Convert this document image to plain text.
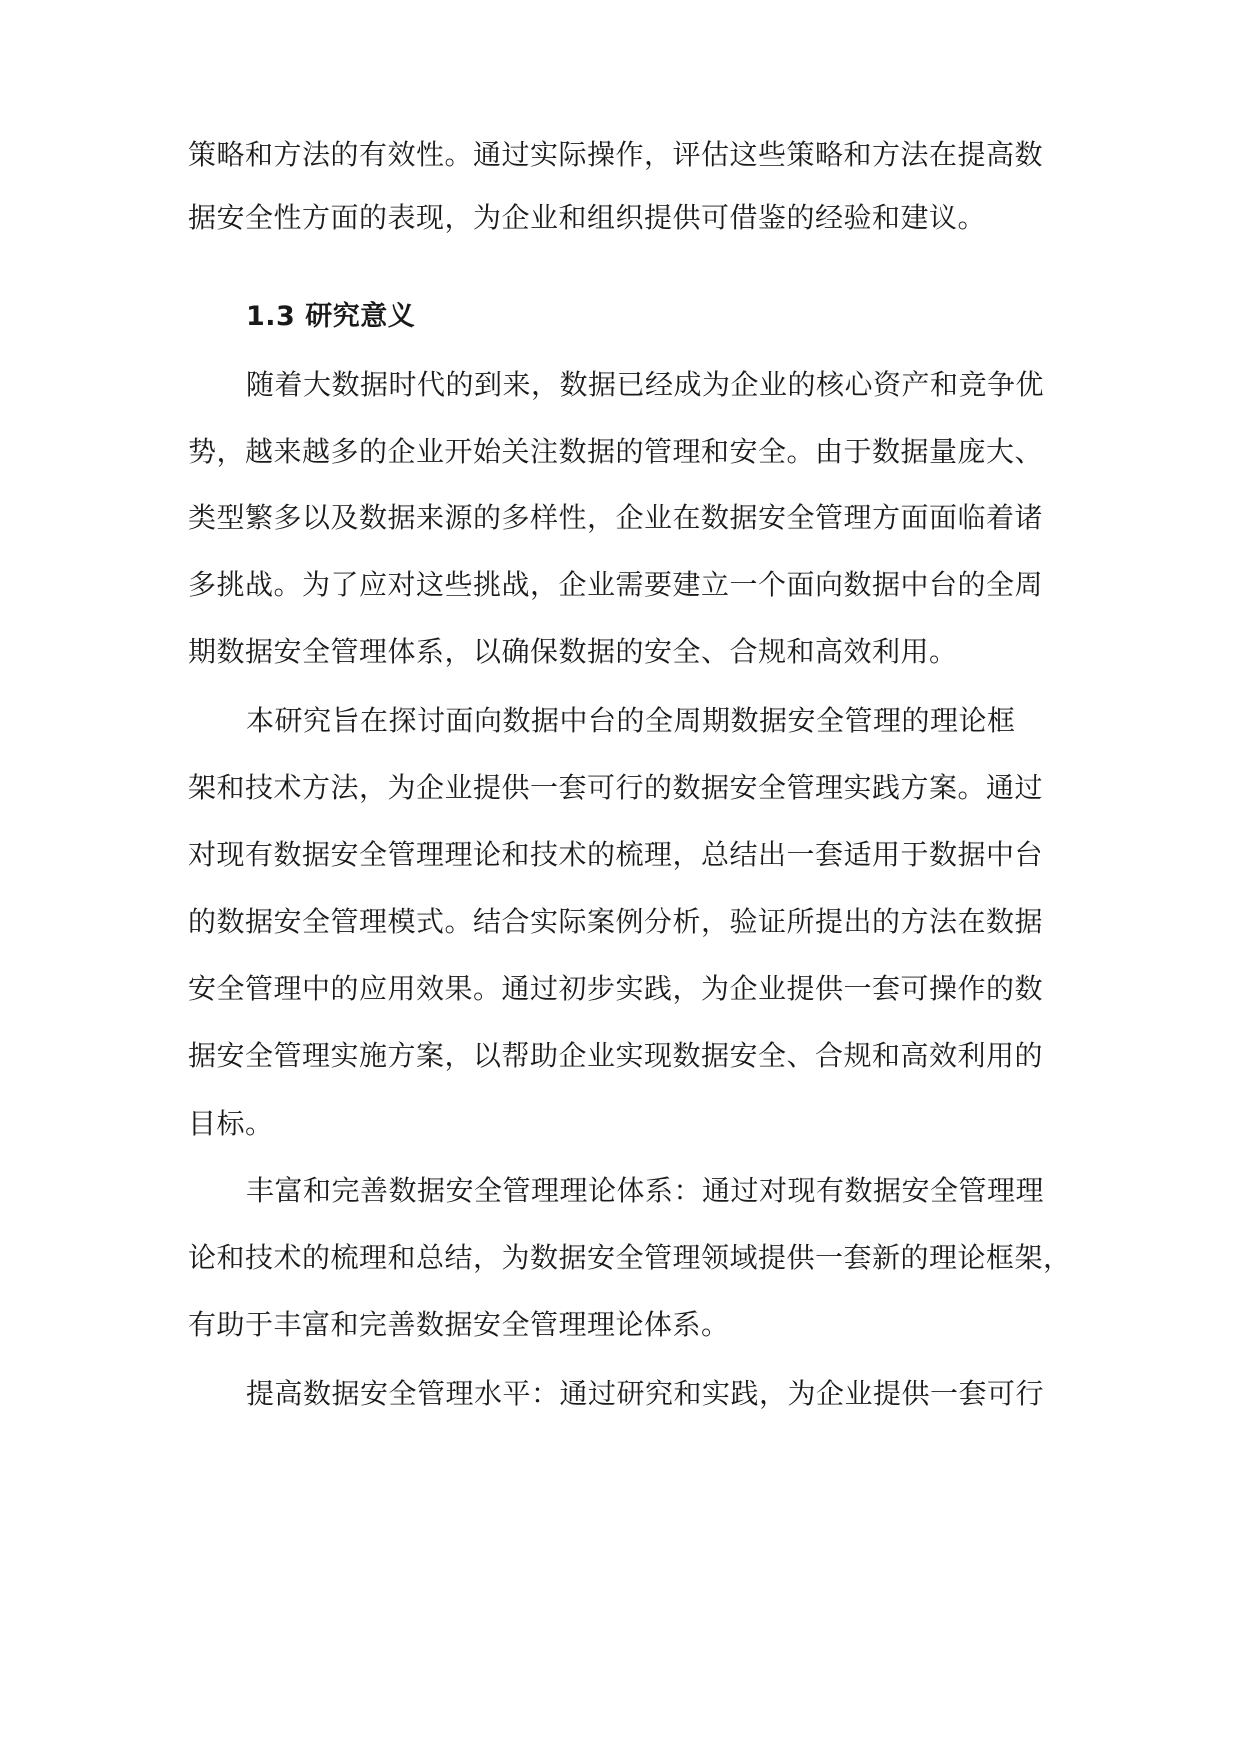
策略和方法的有效性。通过实际操作，评估这些策略和方法在提高数
据安全性方面的表现，为企业和组织提供可借鉴的经验和建议。
1.3 研究意义
随着大数据时代的到来，数据已经成为企业的核心资产和竞争优
势，越来越多的企业开始关注数据的管理和安全。由于数据量庞大、
类型繁多以及数据来源的多样性，企业在数据安全管理方面面临着诸
多挑战。为了应对这些挑战，企业需要建立一个面向数据中台的全周
期数据安全管理体系，以确保数据的安全、合规和高效利用。
本研究旨在探讨面向数据中台的全周期数据安全管理的理论框
架和技术方法，为企业提供一套可行的数据安全管理实践方案。通过
对现有数据安全管理理论和技术的梳理，总结出一套适用于数据中台
的数据安全管理模式。结合实际案例分析，验证所提出的方法在数据
安全管理中的应用效果。通过初步实践，为企业提供一套可操作的数
据安全管理实施方案，以帮助企业实现数据安全、合规和高效利用的
目标。
丰富和完善数据安全管理理论体系：通过对现有数据安全管理理
论和技术的梳理和总结，为数据安全管理领域提供一套新的理论框架，
有助于丰富和完善数据安全管理理论体系。
提高数据安全管理水平：通过研究和实践，为企业提供一套可行
